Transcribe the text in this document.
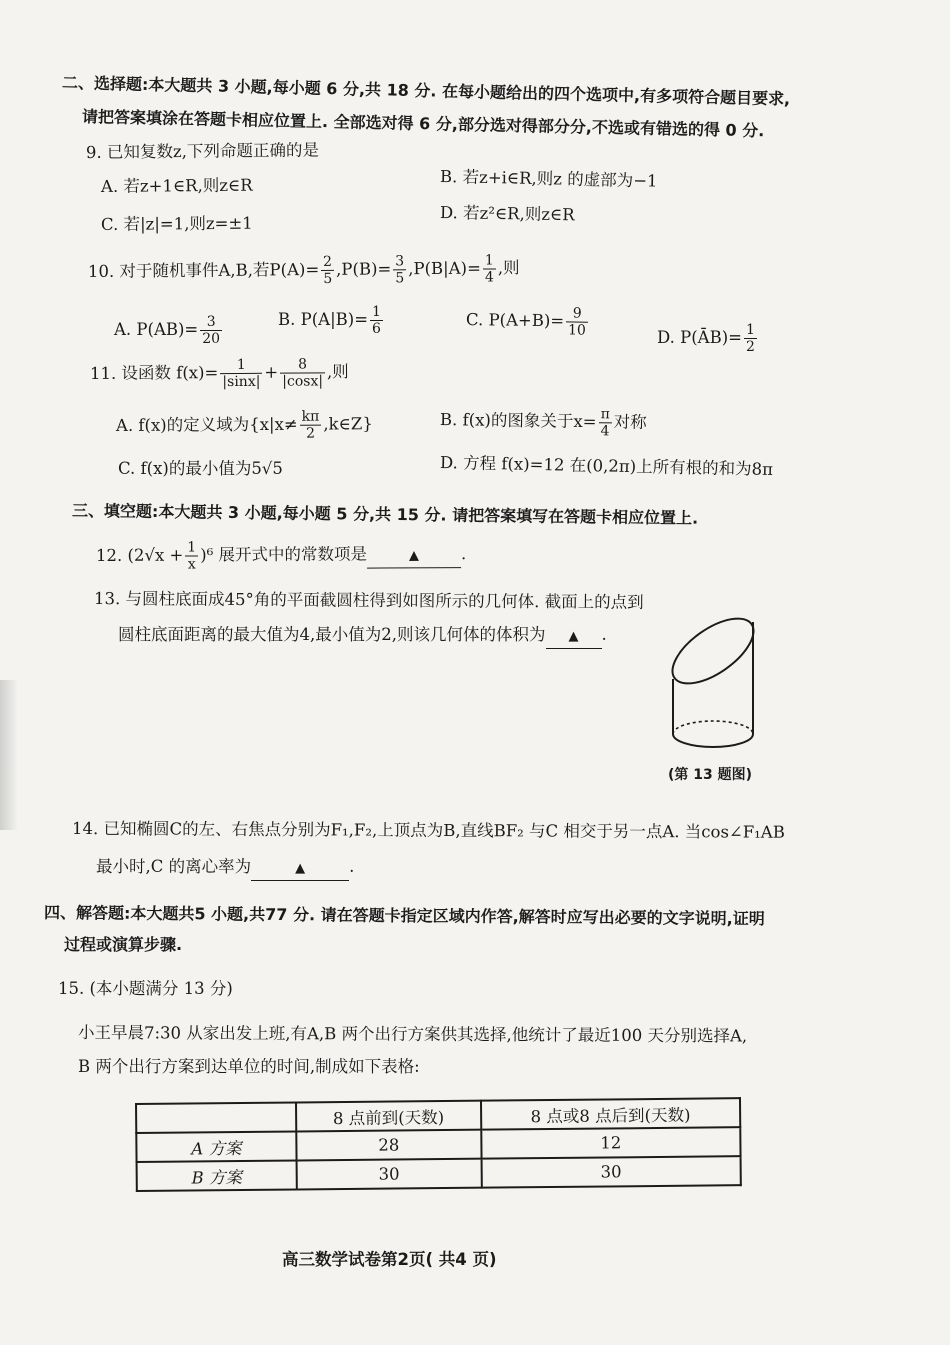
二、选择题:本大题共 3 小题,每小题 6 分,共 18 分. 在每小题给出的四个选项中,有多项符合题目要求,
请把答案填涂在答题卡相应位置上. 全部选对得 6 分,部分选对得部分分,不选或有错选的得 0 分.
9. 已知复数z,下列命题正确的是
A. 若z+1∈R,则z∈R	B. 若z+i∈R,则z 的虚部为−1
C. 若|z|=1,则z=±1	D. 若z²∈R,则z∈R
10. 对于随机事件A,B,若$P(A)= \frac{2}{5} ,P(B)= \frac{3}{5} ,P(B|A)= \frac{1}{4}$ ,则
A. $P(AB)= \frac{3}{20}$	B. $P(A|B)= \frac{1}{6}$	C. $P(A+B)= \frac{9}{10}$	D. P(ĀB)= $\frac{1}{2}$
11. 设函数 $f(x)= \frac{1}{|\sin x|} + \frac{8}{|\cos x|}$ ,则
A. f(x)的定义域为{$x|x\ne \frac{k\pi}{2}$ ,k∈Z}	B. f(x)的图象关于$x= \frac{\pi}{4}$ 对称
C. f(x)的最小值为5√5	D. 方程 f(x)=12 在(0,2π)上所有根的和为8π
三、填空题:本大题共 3 小题,每小题 5 分,共 15 分. 请把答案填写在答题卡相应位置上.
12. $(2√x + \frac{1}{x} )^6$ 展开式中的常数项是	▲	.
13. 与圆柱底面成45°角的平面截圆柱得到如图所示的几何体. 截面上的点到
圆柱底面距离的最大值为4,最小值为2,则该几何体的体积为 ▲ .
(第 13 题图)
14. 已知椭圆C的左、右焦点分别为F₁,F₂,上顶点为B,直线BF₂ 与C 相交于另一点A. 当cos∠F₁AB
最小时,C 的离心率为	▲	.
四、解答题:本大题共5 小题,共77 分. 请在答题卡指定区域内作答,解答时应写出必要的文字说明,证明
过程或演算步骤.
15. (本小题满分 13 分)
小王早晨7:30 从家出发上班,有A,B 两个出行方案供其选择,他统计了最近100 天分别选择A,
B 两个出行方案到达单位的时间,制成如下表格:
	8 点前到(天数)	8 点或8 点后到(天数)
A 方案	28	12
B 方案	30	30
高三数学试卷第2页( 共4 页)
